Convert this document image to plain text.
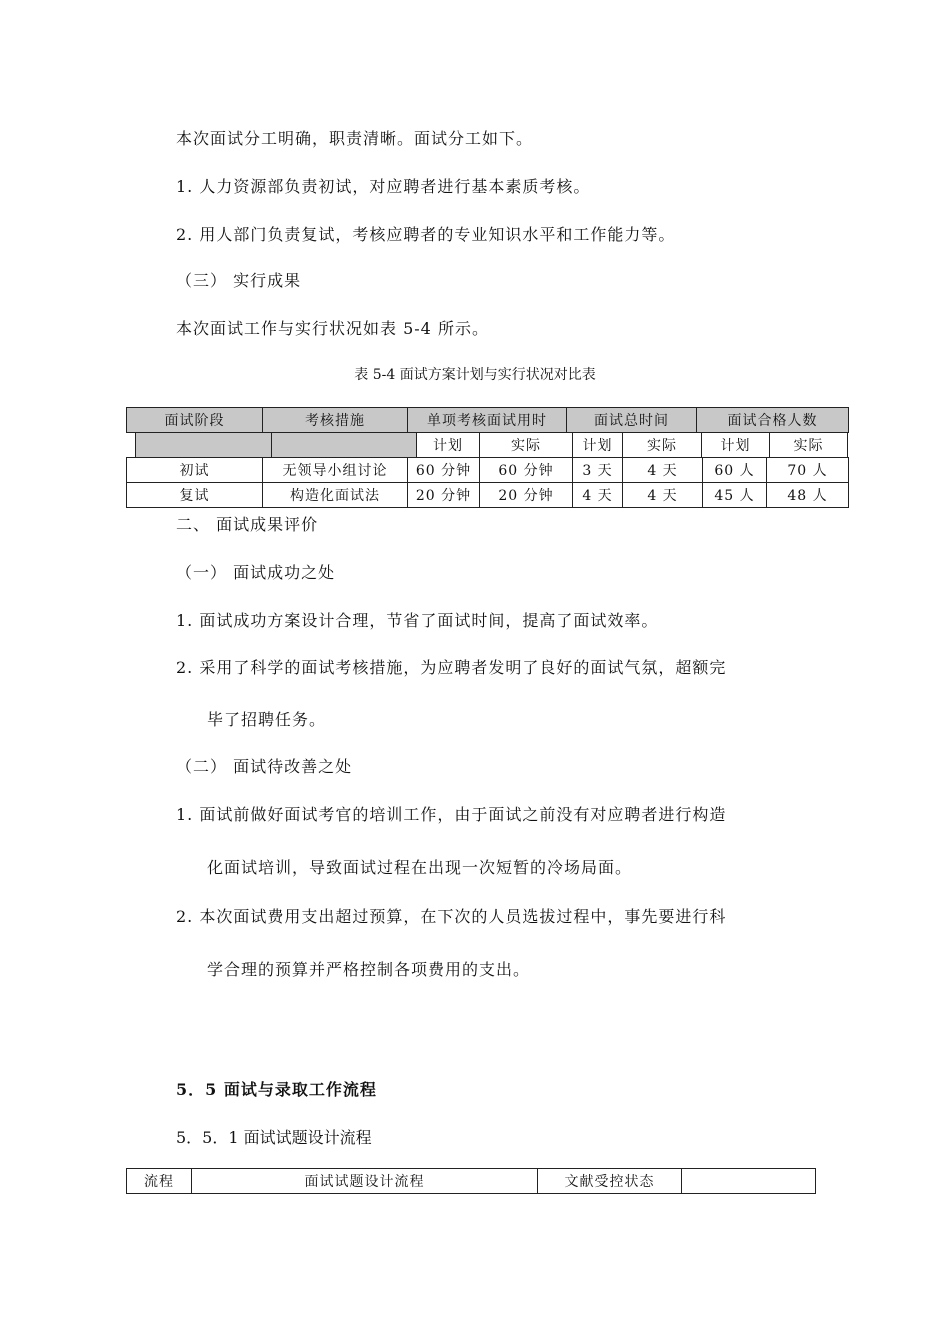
本次面试分工明确，职责清晰。面试分工如下。
1. 人力资源部负责初试，对应聘者进行基本素质考核。
2. 用人部门负责复试，考核应聘者的专业知识水平和工作能力等。
（三） 实行成果
本次面试工作与实行状况如表 5-4 所示。
表 5-4 面试方案计划与实行状况对比表
面试阶段	考核措施	单项考核面试用时	面试总时间	面试合格人数
		计划	实际	计划	实际	计划	实际
初试	无领导小组讨论	60 分钟	60 分钟	3 天	4 天	60 人	70 人
复试	构造化面试法	20 分钟	20 分钟	4 天	4 天	45 人	48 人
二、 面试成果评价
（一） 面试成功之处
1. 面试成功方案设计合理，节省了面试时间，提高了面试效率。
2. 采用了科学的面试考核措施，为应聘者发明了良好的面试气氛，超额完
毕了招聘任务。
（二） 面试待改善之处
1. 面试前做好面试考官的培训工作，由于面试之前没有对应聘者进行构造
化面试培训，导致面试过程在出现一次短暂的冷场局面。
2. 本次面试费用支出超过预算，在下次的人员选拔过程中，事先要进行科
学合理的预算并严格控制各项费用的支出。
5．5 面试与录取工作流程
5．5．1 面试试题设计流程
流程	面试试题设计流程	文献受控状态	
